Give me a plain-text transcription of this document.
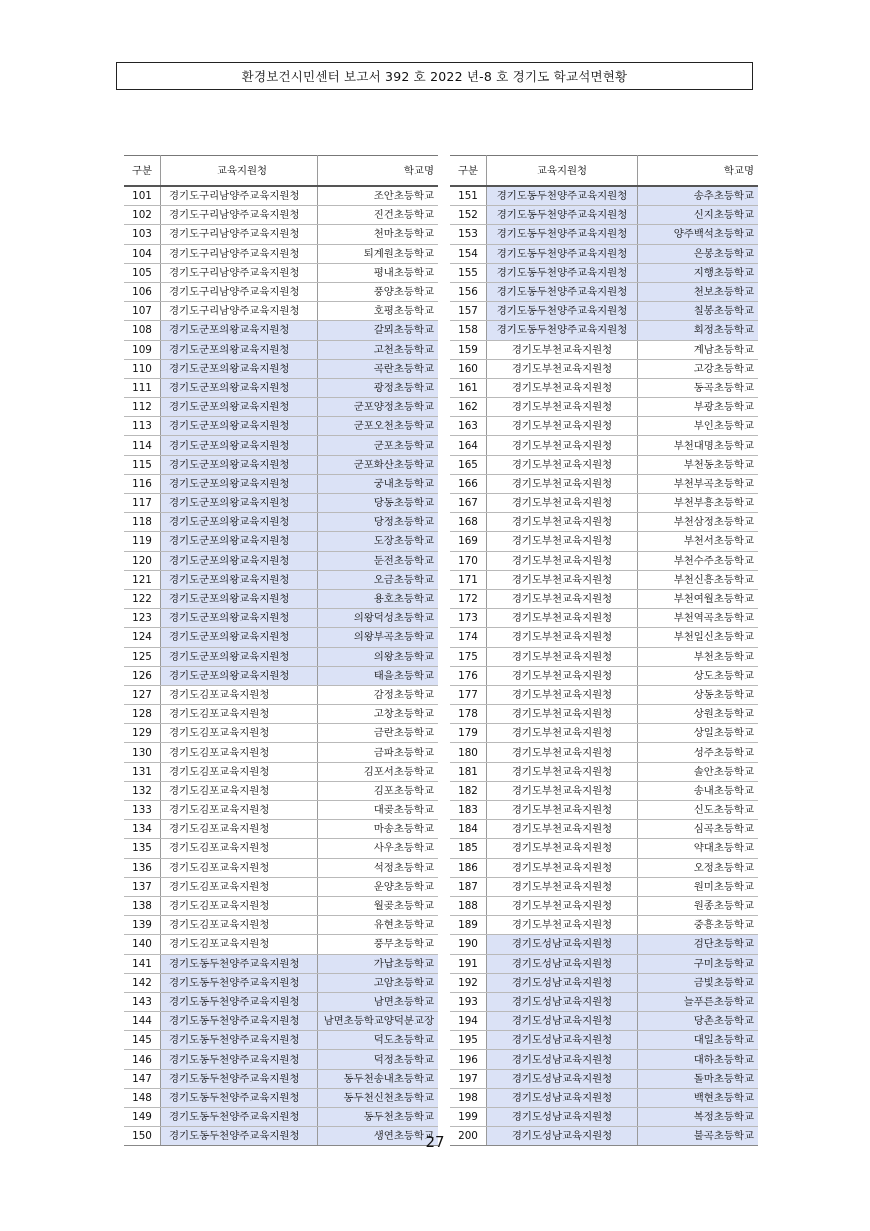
환경보건시민센터 보고서 392 호 2022 년-8 호 경기도 학교석면현황
구분	교육지원청	학교명
101	경기도구리남양주교육지원청	조안초등학교
102	경기도구리남양주교육지원청	진건초등학교
103	경기도구리남양주교육지원청	천마초등학교
104	경기도구리남양주교육지원청	퇴계원초등학교
105	경기도구리남양주교육지원청	평내초등학교
106	경기도구리남양주교육지원청	풍양초등학교
107	경기도구리남양주교육지원청	호평초등학교
108	경기도군포의왕교육지원청	갈뫼초등학교
109	경기도군포의왕교육지원청	고천초등학교
110	경기도군포의왕교육지원청	곡란초등학교
111	경기도군포의왕교육지원청	광정초등학교
112	경기도군포의왕교육지원청	군포양정초등학교
113	경기도군포의왕교육지원청	군포오천초등학교
114	경기도군포의왕교육지원청	군포초등학교
115	경기도군포의왕교육지원청	군포화산초등학교
116	경기도군포의왕교육지원청	궁내초등학교
117	경기도군포의왕교육지원청	당동초등학교
118	경기도군포의왕교육지원청	당정초등학교
119	경기도군포의왕교육지원청	도장초등학교
120	경기도군포의왕교육지원청	둔전초등학교
121	경기도군포의왕교육지원청	오금초등학교
122	경기도군포의왕교육지원청	용호초등학교
123	경기도군포의왕교육지원청	의왕덕성초등학교
124	경기도군포의왕교육지원청	의왕부곡초등학교
125	경기도군포의왕교육지원청	의왕초등학교
126	경기도군포의왕교육지원청	태을초등학교
127	경기도김포교육지원청	감정초등학교
128	경기도김포교육지원청	고창초등학교
129	경기도김포교육지원청	금란초등학교
130	경기도김포교육지원청	금파초등학교
131	경기도김포교육지원청	김포서초등학교
132	경기도김포교육지원청	김포초등학교
133	경기도김포교육지원청	대곶초등학교
134	경기도김포교육지원청	마송초등학교
135	경기도김포교육지원청	사우초등학교
136	경기도김포교육지원청	석정초등학교
137	경기도김포교육지원청	운양초등학교
138	경기도김포교육지원청	월곶초등학교
139	경기도김포교육지원청	유현초등학교
140	경기도김포교육지원청	풍무초등학교
141	경기도동두천양주교육지원청	가납초등학교
142	경기도동두천양주교육지원청	고암초등학교
143	경기도동두천양주교육지원청	남면초등학교
144	경기도동두천양주교육지원청	남면초등학교양덕분교장
145	경기도동두천양주교육지원청	덕도초등학교
146	경기도동두천양주교육지원청	덕정초등학교
147	경기도동두천양주교육지원청	동두천송내초등학교
148	경기도동두천양주교육지원청	동두천신천초등학교
149	경기도동두천양주교육지원청	동두천초등학교
150	경기도동두천양주교육지원청	생연초등학교
구분	교육지원청	학교명
151	경기도동두천양주교육지원청	송추초등학교
152	경기도동두천양주교육지원청	신지초등학교
153	경기도동두천양주교육지원청	양주백석초등학교
154	경기도동두천양주교육지원청	은봉초등학교
155	경기도동두천양주교육지원청	지행초등학교
156	경기도동두천양주교육지원청	천보초등학교
157	경기도동두천양주교육지원청	칠봉초등학교
158	경기도동두천양주교육지원청	회정초등학교
159	경기도부천교육지원청	계남초등학교
160	경기도부천교육지원청	고강초등학교
161	경기도부천교육지원청	동곡초등학교
162	경기도부천교육지원청	부광초등학교
163	경기도부천교육지원청	부인초등학교
164	경기도부천교육지원청	부천대명초등학교
165	경기도부천교육지원청	부천동초등학교
166	경기도부천교육지원청	부천부곡초등학교
167	경기도부천교육지원청	부천부흥초등학교
168	경기도부천교육지원청	부천삼정초등학교
169	경기도부천교육지원청	부천서초등학교
170	경기도부천교육지원청	부천수주초등학교
171	경기도부천교육지원청	부천신흥초등학교
172	경기도부천교육지원청	부천여월초등학교
173	경기도부천교육지원청	부천역곡초등학교
174	경기도부천교육지원청	부천일신초등학교
175	경기도부천교육지원청	부천초등학교
176	경기도부천교육지원청	상도초등학교
177	경기도부천교육지원청	상동초등학교
178	경기도부천교육지원청	상원초등학교
179	경기도부천교육지원청	상일초등학교
180	경기도부천교육지원청	성주초등학교
181	경기도부천교육지원청	솔안초등학교
182	경기도부천교육지원청	송내초등학교
183	경기도부천교육지원청	신도초등학교
184	경기도부천교육지원청	심곡초등학교
185	경기도부천교육지원청	약대초등학교
186	경기도부천교육지원청	오정초등학교
187	경기도부천교육지원청	원미초등학교
188	경기도부천교육지원청	원종초등학교
189	경기도부천교육지원청	중흥초등학교
190	경기도성남교육지원청	검단초등학교
191	경기도성남교육지원청	구미초등학교
192	경기도성남교육지원청	금빛초등학교
193	경기도성남교육지원청	늘푸른초등학교
194	경기도성남교육지원청	당촌초등학교
195	경기도성남교육지원청	대일초등학교
196	경기도성남교육지원청	대하초등학교
197	경기도성남교육지원청	돌마초등학교
198	경기도성남교육지원청	백현초등학교
199	경기도성남교육지원청	복정초등학교
200	경기도성남교육지원청	불곡초등학교
27
